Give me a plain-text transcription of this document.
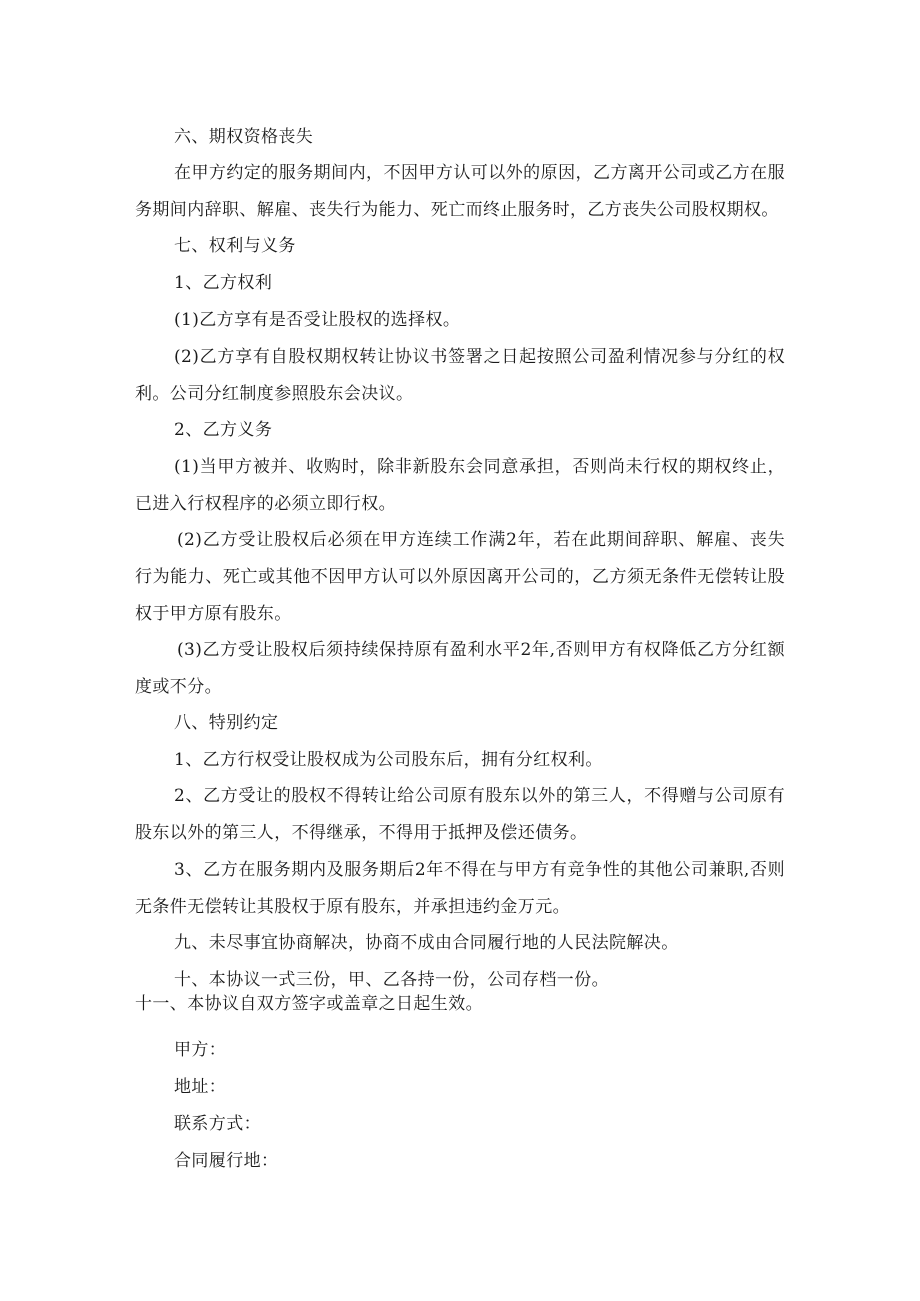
六、期权资格丧失

在甲方约定的服务期间内，不因甲方认可以外的原因，乙方离开公司或乙方在服务期间内辞职、解雇、丧失行为能力、死亡而终止服务时，乙方丧失公司股权期权。

七、权利与义务

1、乙方权利

(1)乙方享有是否受让股权的选择权。

(2)乙方享有自股权期权转让协议书签署之日起按照公司盈利情况参与分红的权利。公司分红制度参照股东会决议。

2、乙方义务

(1)当甲方被并、收购时，除非新股东会同意承担，否则尚未行权的期权终止，已进入行权程序的必须立即行权。

(2)乙方受让股权后必须在甲方连续工作满2年，若在此期间辞职、解雇、丧失行为能力、死亡或其他不因甲方认可以外原因离开公司的，乙方须无条件无偿转让股权于甲方原有股东。

(3)乙方受让股权后须持续保持原有盈利水平2年,否则甲方有权降低乙方分红额度或不分。

八、特别约定

1、乙方行权受让股权成为公司股东后，拥有分红权利。

2、乙方受让的股权不得转让给公司原有股东以外的第三人，不得赠与公司原有股东以外的第三人，不得继承，不得用于抵押及偿还债务。

3、乙方在服务期内及服务期后2年不得在与甲方有竞争性的其他公司兼职,否则无条件无偿转让其股权于原有股东，并承担违约金万元。

九、未尽事宜协商解决，协商不成由合同履行地的人民法院解决。

十、本协议一式三份，甲、乙各持一份，公司存档一份。

十一、本协议自双方签字或盖章之日起生效。

甲方：

地址：

联系方式：

合同履行地：
